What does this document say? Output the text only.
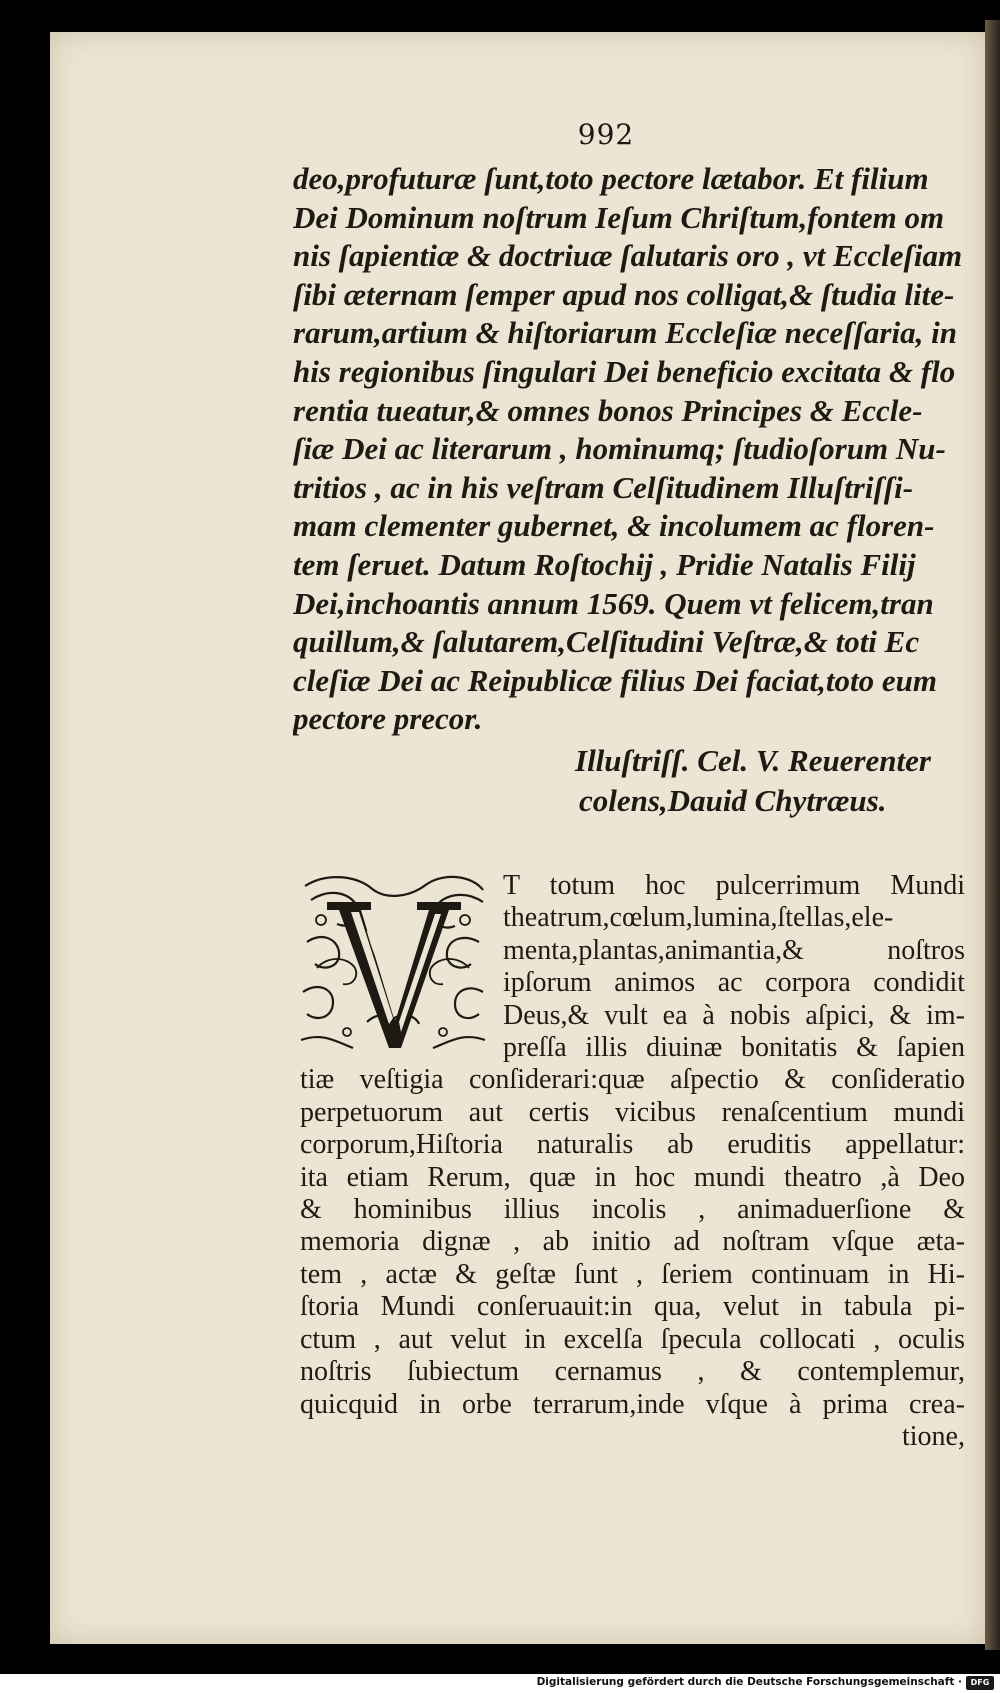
992
deo,profuturæ ſunt,toto pectore lætabor. Et filium
Dei Dominum noſtrum Ieſum Chriſtum,fontem om
nis ſapientiæ & doctriuæ ſalutaris oro , vt Eccleſiam
ſibi æternam ſemper apud nos colligat,& ſtudia lite-
rarum,artium & hiſtoriarum Eccleſiæ neceſſaria, in
his regionibus ſingulari Dei beneficio excitata & flo
rentia tueatur,& omnes bonos Principes & Eccle-
ſiæ Dei ac literarum , hominumq; ſtudioſorum Nu-
tritios , ac in his veſtram Celſitudinem Illuſtriſſi-
mam clementer gubernet, & incolumem ac floren-
tem ſeruet. Datum Roſtochij , Pridie Natalis Filij
Dei,inchoantis annum 1569. Quem vt felicem,tran
quillum,& ſalutarem,Celſitudini Veſtræ,& toti Ec
cleſiæ Dei ac Reipublicæ filius Dei faciat,toto eum
pectore precor.
Illuſtriſſ. Cel. V. Reuerenter
colens,Dauid Chytræus.
T totum hoc pulcerrimum Mundi
theatrum,cœlum,lumina,ſtellas,ele-
menta,plantas,animantia,& noſtros
ipſorum animos ac corpora condidit
Deus,& vult ea à nobis aſpici, & im-
preſſa illis diuinæ bonitatis & ſapien
tiæ veſtigia conſiderari:quæ aſpectio & conſideratio
perpetuorum aut certis vicibus renaſcentium mundi
corporum,Hiſtoria naturalis ab eruditis appellatur:
ita etiam Rerum, quæ in hoc mundi theatro ,à Deo
& hominibus illius incolis , animaduerſione &
memoria dignæ , ab initio ad noſtram vſque æta-
tem , actæ & geſtæ ſunt , ſeriem continuam in Hi-
ſtoria Mundi conſeruauit:in qua, velut in tabula pi-
ctum , aut velut in excelſa ſpecula collocati , oculis
noſtris ſubiectum cernamus , & contemplemur,
quicquid in orbe terrarum,inde vſque à prima crea-
tione,
Digitalisierung gefördert durch die Deutsche Forschungsgemeinschaft ·	DFG
